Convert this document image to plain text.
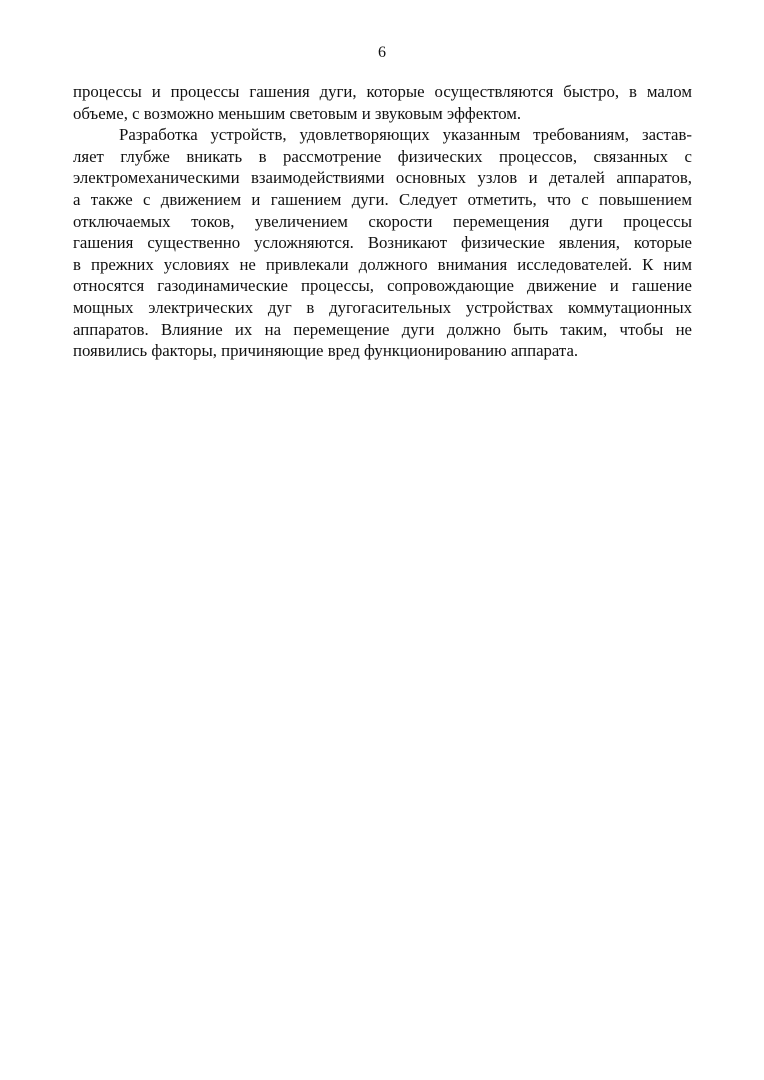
6
процессы и процессы гашения дуги, которые осуществляются быстро, в малом
объеме, с возможно меньшим световым и звуковым эффектом.
Разработка устройств, удовлетворяющих указанным требованиям, застав-
ляет глубже вникать в рассмотрение физических процессов, связанных с
электромеханическими взаимодействиями основных узлов и деталей аппаратов,
а также с движением и гашением дуги. Следует отметить, что с повышением
отключаемых токов, увеличением скорости перемещения дуги процессы
гашения существенно усложняются. Возникают физические явления, которые
в прежних условиях не привлекали должного внимания исследователей. К ним
относятся газодинамические процессы, сопровождающие движение и гашение
мощных электрических дуг в дугогасительных устройствах коммутационных
аппаратов. Влияние их на перемещение дуги должно быть таким, чтобы не
появились факторы, причиняющие вред функционированию аппарата.
